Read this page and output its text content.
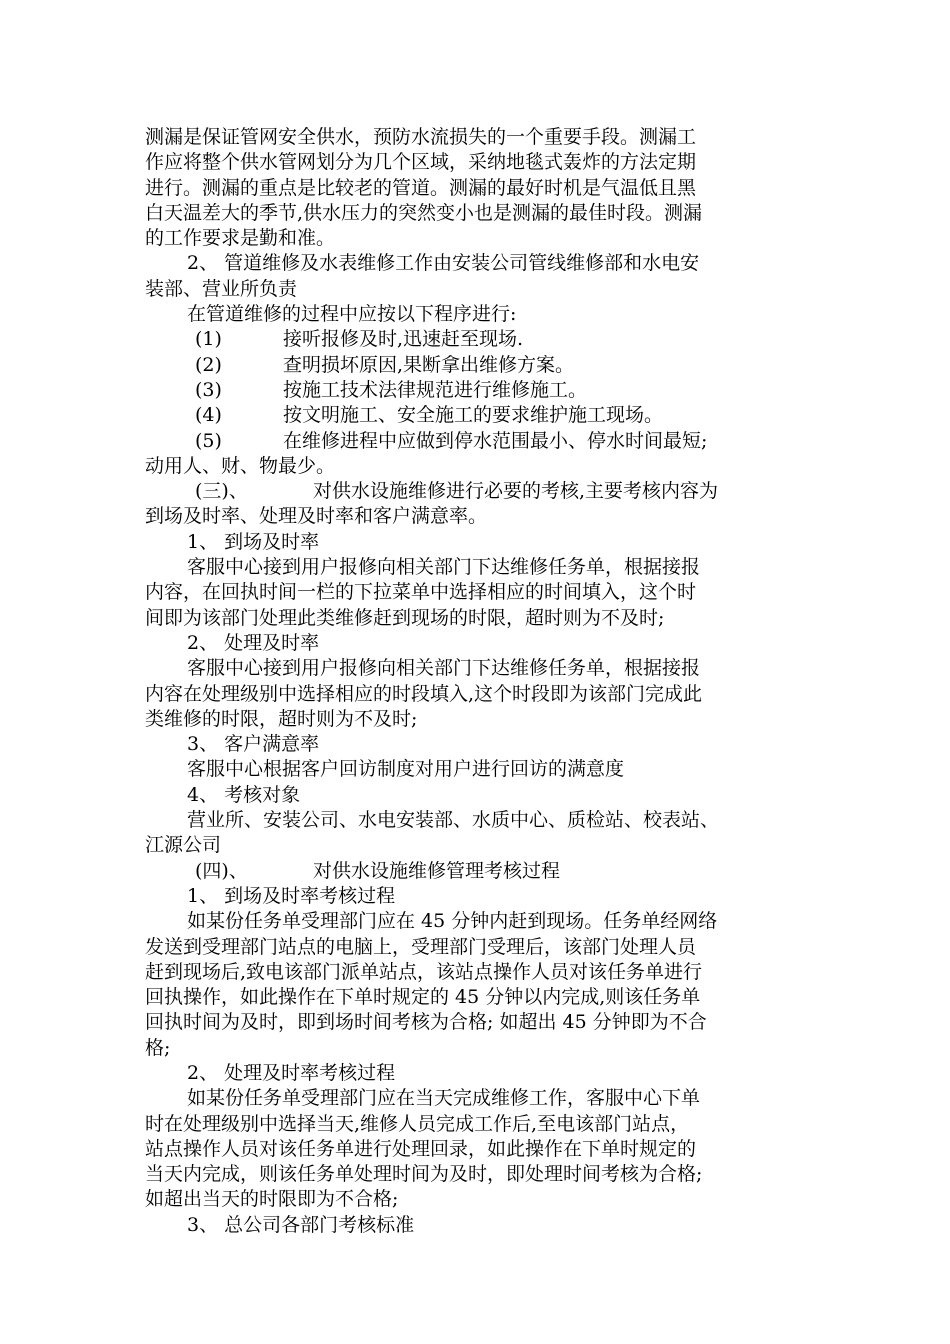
测漏是保证管网安全供水，预防水流损失的一个重要手段。测漏工
作应将整个供水管网划分为几个区域，采纳地毯式轰炸的方法定期
进行。测漏的重点是比较老的管道。测漏的最好时机是气温低且黑
白天温差大的季节,供水压力的突然变小也是测漏的最佳时段。测漏
的工作要求是勤和准。
2、 管道维修及水表维修工作由安装公司管线维修部和水电安
装部、营业所负责
在管道维修的过程中应按以下程序进行:
(1)	接听报修及时,迅速赶至现场.
(2)	查明损坏原因,果断拿出维修方案。
(3)	按施工技术法律规范进行维修施工。
(4)	按文明施工、安全施工的要求维护施工现场。
(5)	在维修进程中应做到停水范围最小、停水时间最短;
动用人、财、物最少。
(三)、	对供水设施维修进行必要的考核,主要考核内容为
到场及时率、处理及时率和客户满意率。
1、 到场及时率
客服中心接到用户报修向相关部门下达维修任务单，根据接报
内容，在回执时间一栏的下拉菜单中选择相应的时间填入，这个时
间即为该部门处理此类维修赶到现场的时限，超时则为不及时;
2、 处理及时率
客服中心接到用户报修向相关部门下达维修任务单，根据接报
内容在处理级别中选择相应的时段填入,这个时段即为该部门完成此
类维修的时限，超时则为不及时;
3、 客户满意率
客服中心根据客户回访制度对用户进行回访的满意度
4、 考核对象
营业所、安装公司、水电安装部、水质中心、质检站、校表站、
江源公司
(四)、	对供水设施维修管理考核过程
1、 到场及时率考核过程
如某份任务单受理部门应在 45 分钟内赶到现场。任务单经网络
发送到受理部门站点的电脑上，受理部门受理后，该部门处理人员
赶到现场后,致电该部门派单站点，该站点操作人员对该任务单进行
回执操作，如此操作在下单时规定的 45 分钟以内完成,则该任务单
回执时间为及时，即到场时间考核为合格; 如超出 45 分钟即为不合
格;
2、 处理及时率考核过程
如某份任务单受理部门应在当天完成维修工作，客服中心下单
时在处理级别中选择当天,维修人员完成工作后,至电该部门站点，
站点操作人员对该任务单进行处理回录，如此操作在下单时规定的
当天内完成，则该任务单处理时间为及时，即处理时间考核为合格;
如超出当天的时限即为不合格;
3、 总公司各部门考核标准
